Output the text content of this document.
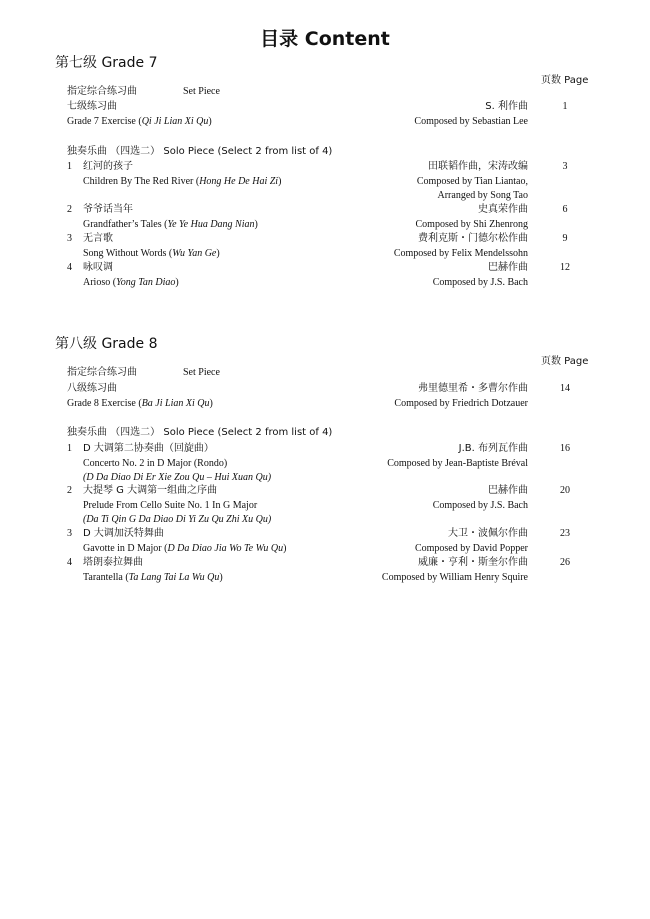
目录 Content
第七级 Grade 7
页数 Page
指定综合练习曲	Set Piece
七级练习曲	S. 利作曲	1
Grade 7 Exercise (Qi Ji Lian Xi Qu)	Composed by Sebastian Lee
独奏乐曲 （四选二） Solo Piece (Select 2 from list of 4)
1 红河的孩子	田联韬作曲，宋涛改编	3
Children By The Red River (Hong He De Hai Zi)	Composed by Tian Liantao,
Arranged by Song Tao
2 爷爷话当年	史真荣作曲	6
Grandfather’s Tales (Ye Ye Hua Dang Nian)	Composed by Shi Zhenrong
3 无言歌	费利克斯・门德尔松作曲	9
Song Without Words (Wu Yan Ge)	Composed by Felix Mendelssohn
4 咏叹调	巴赫作曲	12
Arioso (Yong Tan Diao)	Composed by J.S. Bach
第八级 Grade 8
页数 Page
指定综合练习曲	Set Piece
八级练习曲	弗里德里希・多曹尔作曲	14
Grade 8 Exercise (Ba Ji Lian Xi Qu)	Composed by Friedrich Dotzauer
独奏乐曲 （四选二） Solo Piece (Select 2 from list of 4)
1 D 大调第二协奏曲（回旋曲）	J.B. 布列瓦作曲	16
Concerto No. 2 in D Major (Rondo)	Composed by Jean-Baptiste Bréval
(D Da Diao Di Er Xie Zou Qu – Hui Xuan Qu)
2 大提琴 G 大调第一组曲之序曲	巴赫作曲	20
Prelude From Cello Suite No. 1 In G Major	Composed by J.S. Bach
(Da Ti Qin G Da Diao Di Yi Zu Qu Zhi Xu Qu)
3 D 大调加沃特舞曲	大卫・波佩尔作曲	23
Gavotte in D Major (D Da Diao Jia Wo Te Wu Qu)	Composed by David Popper
4 塔朗泰拉舞曲	威廉・亨利・斯奎尔作曲	26
Tarantella (Ta Lang Tai La Wu Qu)	Composed by William Henry Squire
